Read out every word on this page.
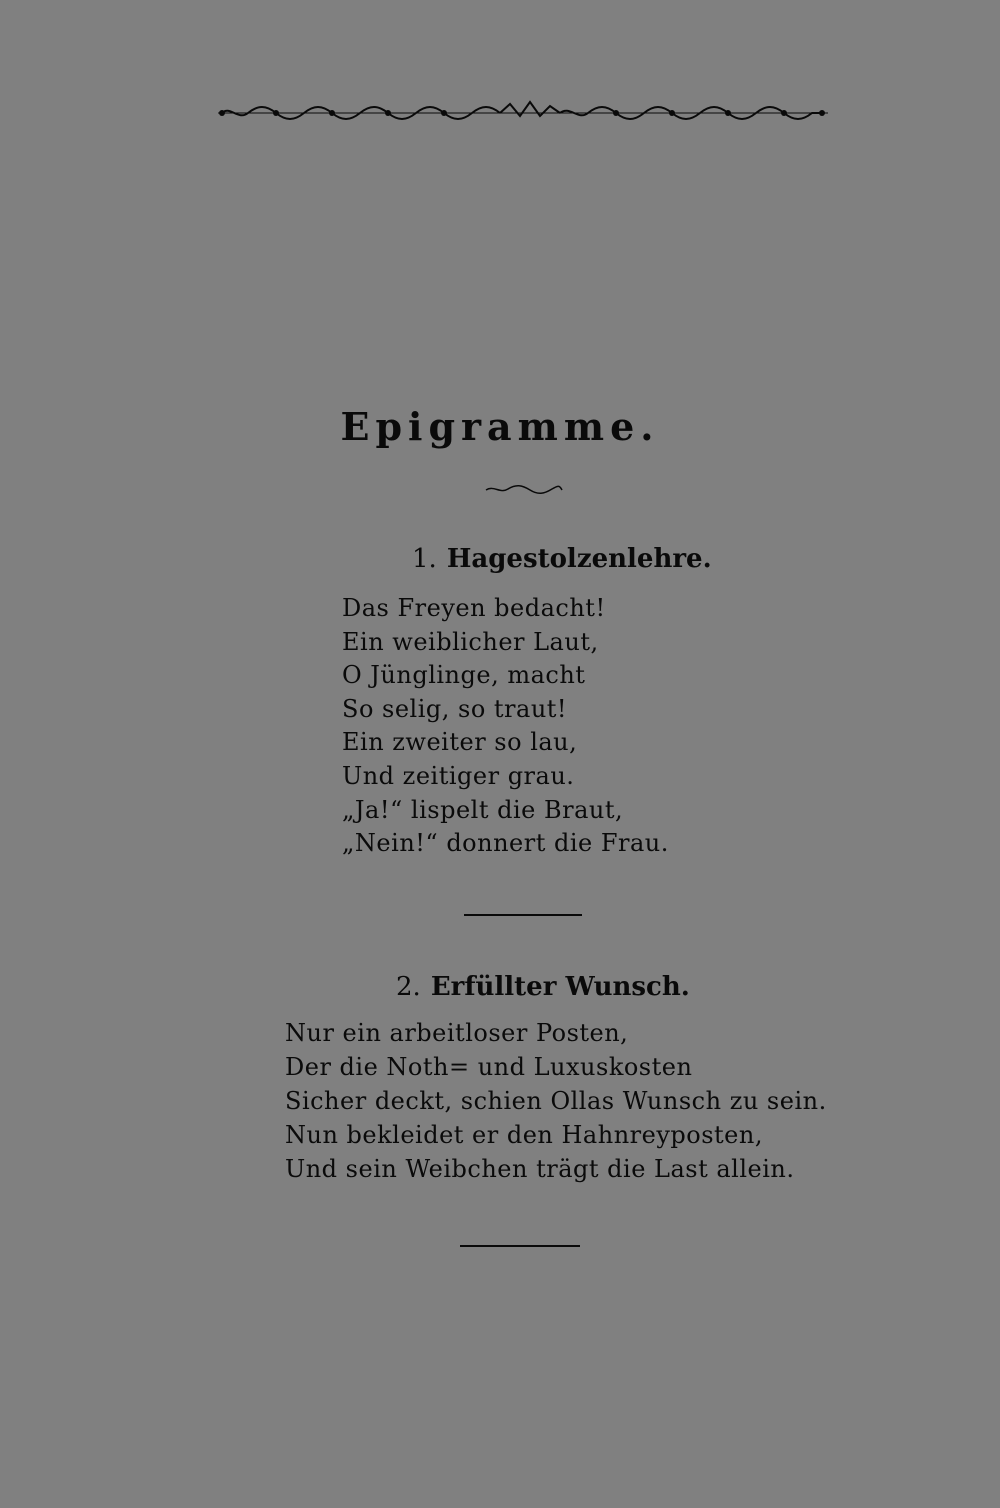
Epigramme.
1. Hagestolzenlehre.
Das Freyen bedacht!
Ein weiblicher Laut,
O Jünglinge, macht
So selig, so traut!
Ein zweiter so lau,
Und zeitiger grau.
„Ja!“ lispelt die Braut,
„Nein!“ donnert die Frau.
2. Erfüllter Wunsch.
Nur ein arbeitloser Posten,
Der die Noth= und Luxuskosten
Sicher deckt, schien Ollas Wunsch zu sein.
Nun bekleidet er den Hahnreyposten,
Und sein Weibchen trägt die Last allein.
